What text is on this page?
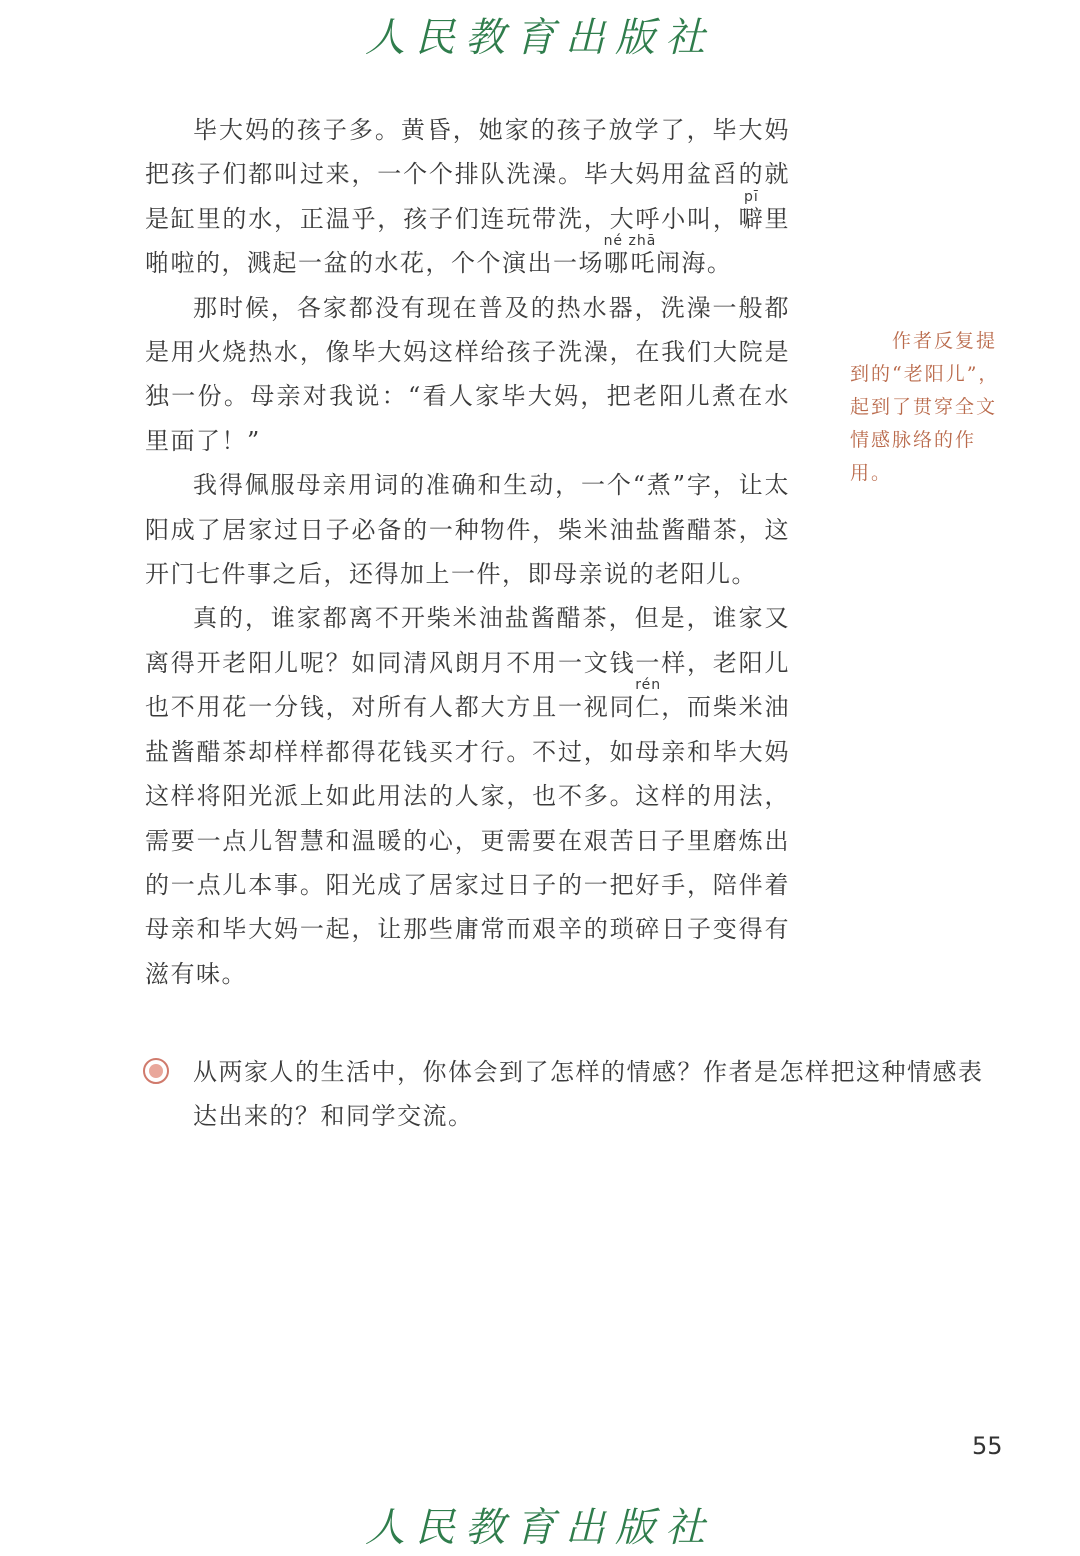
人民教育出版社

毕大妈的孩子多。黄昏，她家的孩子放学了，毕大妈把孩子们都叫过来，一个个排队洗澡。毕大妈用盆舀的就是缸里的水，正温乎，孩子们连玩带洗，大呼小叫，噼pī里啪啦的，溅起一盆的水花，个个演出一场哪吒né zhā闹海。

那时候，各家都没有现在普及的热水器，洗澡一般都是用火烧热水，像毕大妈这样给孩子洗澡，在我们大院是独一份。母亲对我说：“看人家毕大妈，把老阳儿煮在水里面了！”

我得佩服母亲用词的准确和生动，一个“煮”字，让太阳成了居家过日子必备的一种物件，柴米油盐酱醋茶，这开门七件事之后，还得加上一件，即母亲说的老阳儿。

真的，谁家都离不开柴米油盐酱醋茶，但是，谁家又离得开老阳儿呢？如同清风朗月不用一文钱一样，老阳儿也不用花一分钱，对所有人都大方且一视同仁rén，而柴米油盐酱醋茶却样样都得花钱买才行。不过，如母亲和毕大妈这样将阳光派上如此用法的人家，也不多。这样的用法，需要一点儿智慧和温暖的心，更需要在艰苦日子里磨炼出的一点儿本事。阳光成了居家过日子的一把好手，陪伴着母亲和毕大妈一起，让那些庸常而艰辛的琐碎日子变得有滋有味。

作者反复提
到的“老阳儿”，
起到了贯穿全文
情感脉络的作用。
从两家人的生活中，你体会到了怎样的情感？作者是怎样把这种情感表达出来的？和同学交流。
55
人民教育出版社
